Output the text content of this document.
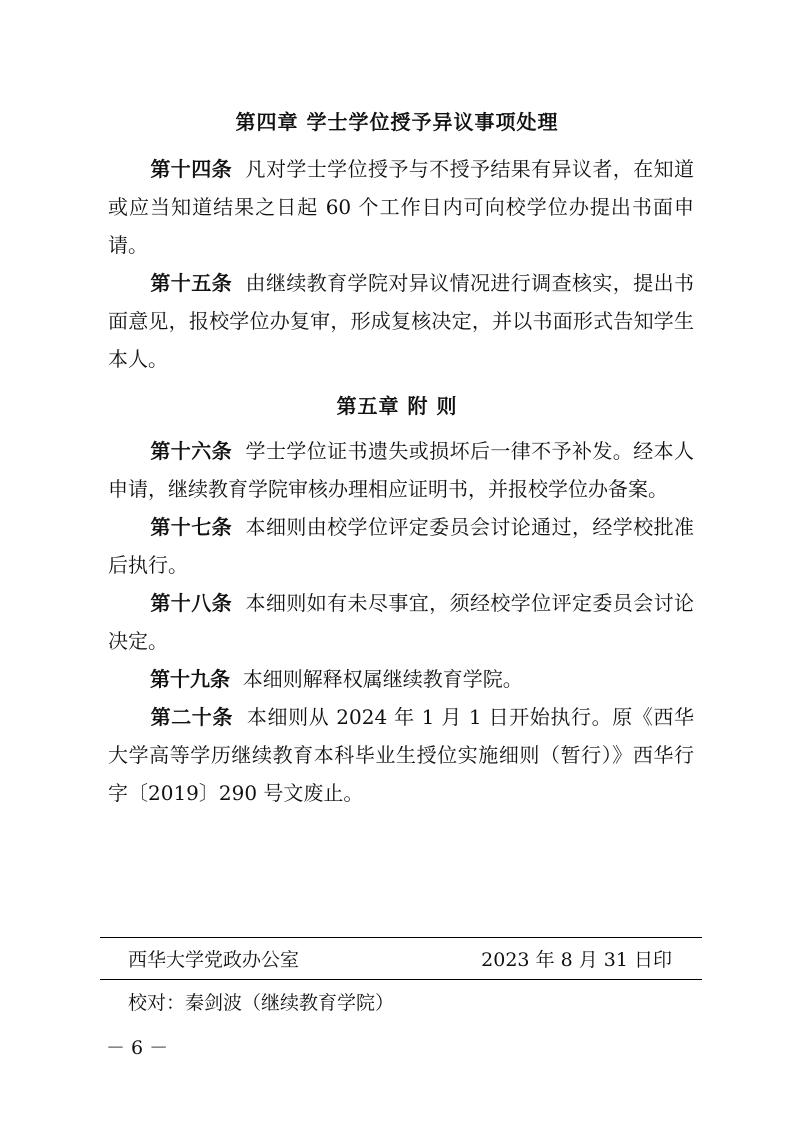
第四章 学士学位授予异议事项处理
第十四条 凡对学士学位授予与不授予结果有异议者，在知道或应当知道结果之日起 60 个工作日内可向校学位办提出书面申请。
第十五条 由继续教育学院对异议情况进行调查核实，提出书面意见，报校学位办复审，形成复核决定，并以书面形式告知学生本人。
第五章 附 则
第十六条 学士学位证书遗失或损坏后一律不予补发。经本人申请，继续教育学院审核办理相应证明书，并报校学位办备案。
第十七条 本细则由校学位评定委员会讨论通过，经学校批准后执行。
第十八条 本细则如有未尽事宜，须经校学位评定委员会讨论决定。
第十九条 本细则解释权属继续教育学院。
第二十条 本细则从 2024 年 1 月 1 日开始执行。原《西华大学高等学历继续教育本科毕业生授位实施细则（暂行）》西华行字〔2019〕290 号文废止。
西华大学党政办公室	2023 年 8 月 31 日印
校对：秦剑波（继续教育学院）
－ 6 －
